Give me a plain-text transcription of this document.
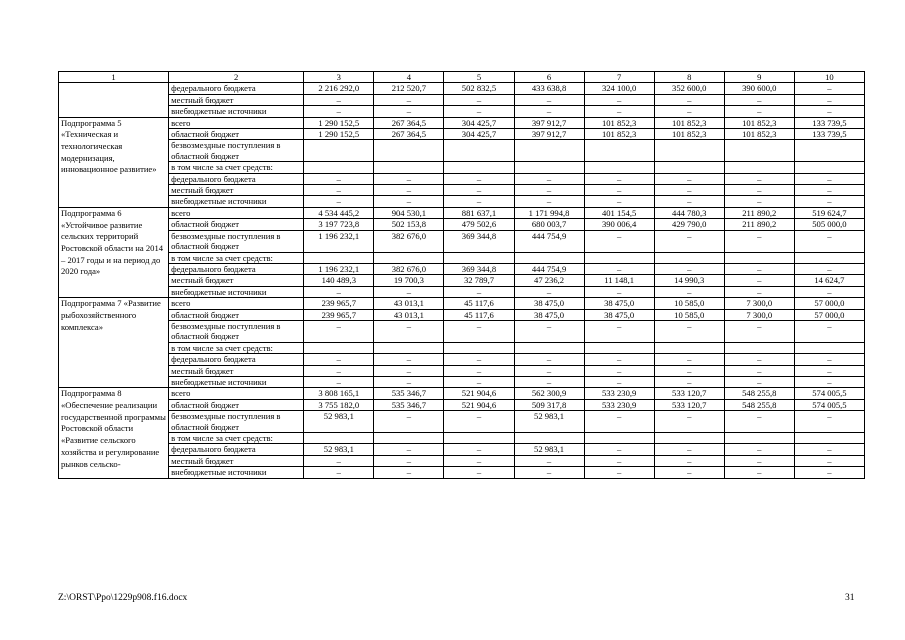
1	2	3	4	5	6	7	8	9	10
	федерального бюджета	2 216 292,0	212 520,7	502 832,5	433 638,8	324 100,0	352 600,0	390 600,0	–
	местный бюджет	–	–	–	–	–	–	–	–
	внебюджетные источники	–	–	–	–	–	–	–	–
Подпрограмма 5 «Техническая и технологическая модернизация, инновационное развитие»	всего	1 290 152,5	267 364,5	304 425,7	397 912,7	101 852,3	101 852,3	101 852,3	133 739,5
	областной бюджет	1 290 152,5	267 364,5	304 425,7	397 912,7	101 852,3	101 852,3	101 852,3	133 739,5
	безвозмездные поступления в областной бюджет								
	в том числе за счет средств:								
	федерального бюджета	–	–	–	–	–	–	–	–
	местный бюджет	–	–	–	–	–	–	–	–
	внебюджетные источники	–	–	–	–	–	–	–	–
Подпрограмма 6 «Устойчивое развитие сельских территорий Ростовской области на 2014 – 2017 годы и на период до 2020 года»	всего	4 534 445,2	904 530,1	881 637,1	1 171 994,8	401 154,5	444 780,3	211 890,2	519 624,7
	областной бюджет	3 197 723,8	502 153,8	479 502,6	680 003,7	390 006,4	429 790,0	211 890,2	505 000,0
	безвозмездные поступления в областной бюджет	1 196 232,1	382 676,0	369 344,8	444 754,9	–	–	–	–
	в том числе за счет средств:								
	федерального бюджета	1 196 232,1	382 676,0	369 344,8	444 754,9	–	–	–	–
	местный бюджет	140 489,3	19 700,3	32 789,7	47 236,2	11 148,1	14 990,3	–	14 624,7
	внебюджетные источники	–	–	–	–	–	–	–	–
Подпрограмма 7 «Развитие рыбохозяйственного комплекса»	всего	239 965,7	43 013,1	45 117,6	38 475,0	38 475,0	10 585,0	7 300,0	57 000,0
	областной бюджет	239 965,7	43 013,1	45 117,6	38 475,0	38 475,0	10 585,0	7 300,0	57 000,0
	безвозмездные поступления в областной бюджет	–	–	–	–	–	–	–	–
	в том числе за счет средств:								
	федерального бюджета	–	–	–	–	–	–	–	–
	местный бюджет	–	–	–	–	–	–	–	–
	внебюджетные источники	–	–	–	–	–	–	–	–
Подпрограмма 8 «Обеспечение реализации государственной программы Ростовской области «Развитие сельского хозяйства и регулирование рынков сельско-	всего	3 808 165,1	535 346,7	521 904,6	562 300,9	533 230,9	533 120,7	548 255,8	574 005,5
	областной бюджет	3 755 182,0	535 346,7	521 904,6	509 317,8	533 230,9	533 120,7	548 255,8	574 005,5
	безвозмездные поступления в областной бюджет	52 983,1	–	–	52 983,1	–	–	–	–
	в том числе за счет средств:								
	федерального бюджета	52 983,1	–	–	52 983,1	–	–	–	–
	местный бюджет	–	–	–	–	–	–	–	–
	внебюджетные источники	–	–	–	–	–	–	–	–
Z:\ORST\Ppo\1229p908.f16.docx	31
